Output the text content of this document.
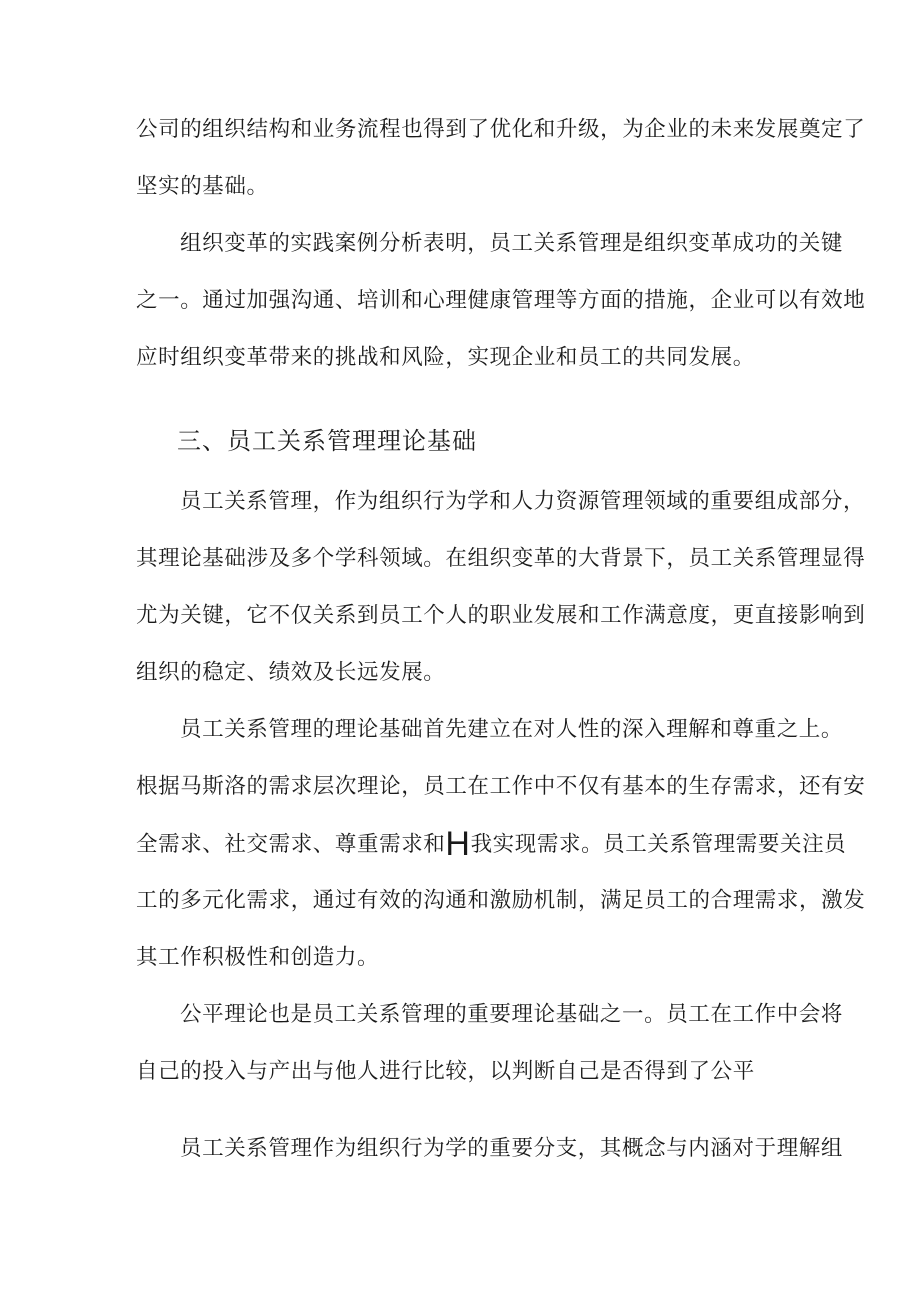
公司的组织结构和业务流程也得到了优化和升级，为企业的未来发展奠定了
坚实的基础。
组织变革的实践案例分析表明，员工关系管理是组织变革成功的关键
之一。通过加强沟通、培训和心理健康管理等方面的措施，企业可以有效地
应时组织变革带来的挑战和风险，实现企业和员工的共同发展。
三、员工关系管理理论基础
员工关系管理，作为组织行为学和人力资源管理领域的重要组成部分，
其理论基础涉及多个学科领域。在组织变革的大背景下，员工关系管理显得
尤为关键，它不仅关系到员工个人的职业发展和工作满意度，更直接影响到
组织的稳定、绩效及长远发展。
员工关系管理的理论基础首先建立在对人性的深入理解和尊重之上。
根据马斯洛的需求层次理论，员工在工作中不仅有基本的生存需求，还有安
全需求、社交需求、尊重需求和H我实现需求。员工关系管理需要关注员
工的多元化需求，通过有效的沟通和激励机制，满足员工的合理需求，激发
其工作积极性和创造力。
公平理论也是员工关系管理的重要理论基础之一。员工在工作中会将
自己的投入与产出与他人进行比较，以判断自己是否得到了公平
员工关系管理作为组织行为学的重要分支，其概念与内涵对于理解组
